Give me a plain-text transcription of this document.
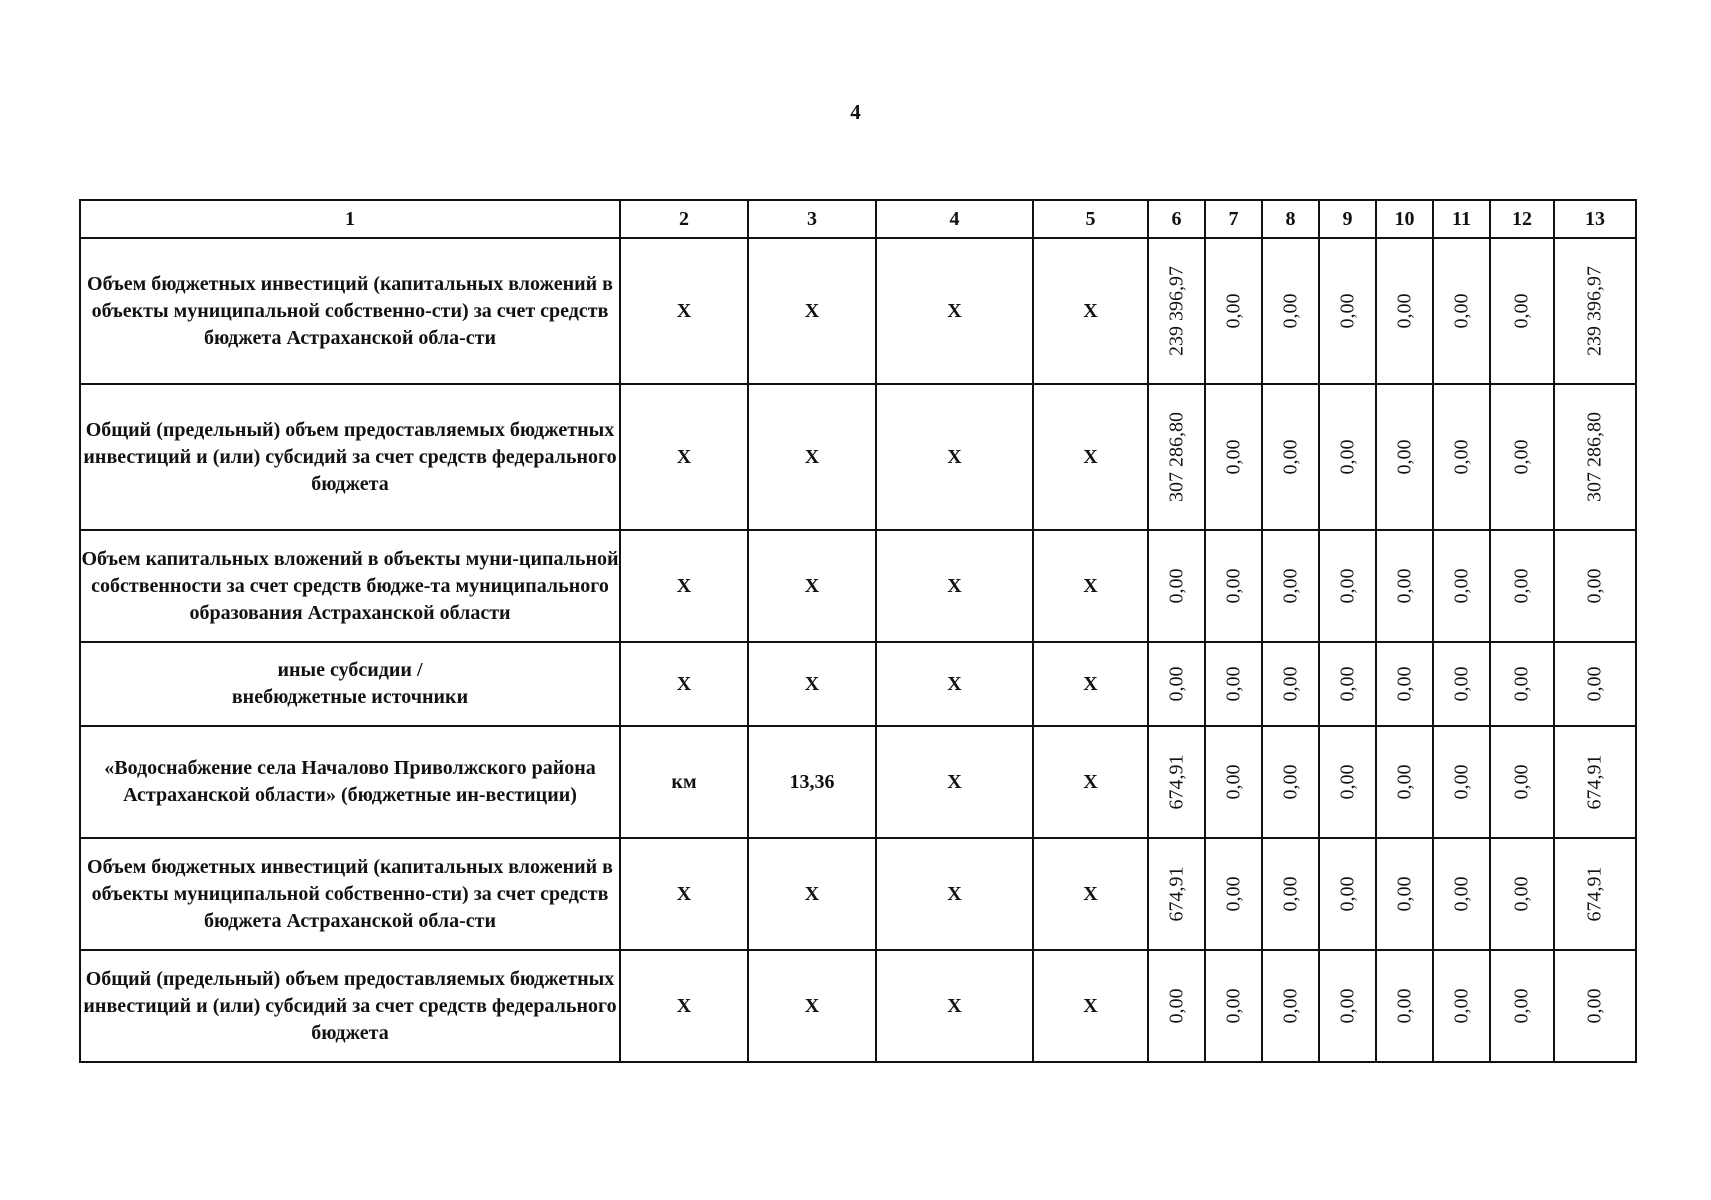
4
1	2	3	4	5	6	7	8	9	10	11	12	13
Объем бюджетных инвестиций (капитальных вложений в объекты муниципальной собственно-сти) за счет средств бюджета Астраханской обла-сти	X	X	X	X	239 396,97	0,00	0,00	0,00	0,00	0,00	0,00	239 396,97

Общий (предельный) объем предоставляемых бюджетных инвестиций и (или) субсидий за счет средств федерального бюджета	X	X	X	X	307 286,80	0,00	0,00	0,00	0,00	0,00	0,00	307 286,80

Объем капитальных вложений в объекты муни-ципальной собственности за счет средств бюдже-та муниципального образования Астраханской области	X	X	X	X	0,00	0,00	0,00	0,00	0,00	0,00	0,00	0,00

иные субсидии / внебюджетные источники	X	X	X	X	0,00	0,00	0,00	0,00	0,00	0,00	0,00	0,00

«Водоснабжение села Началово Приволжского района Астраханской области» (бюджетные ин-вестиции)	км	13,36	X	X	674,91	0,00	0,00	0,00	0,00	0,00	0,00	674,91

Объем бюджетных инвестиций (капитальных вложений в объекты муниципальной собственно-сти) за счет средств бюджета Астраханской обла-сти	X	X	X	X	674,91	0,00	0,00	0,00	0,00	0,00	0,00	674,91

Общий (предельный) объем предоставляемых бюджетных инвестиций и (или) субсидий за счет средств федерального бюджета	X	X	X	X	0,00	0,00	0,00	0,00	0,00	0,00	0,00	0,00
